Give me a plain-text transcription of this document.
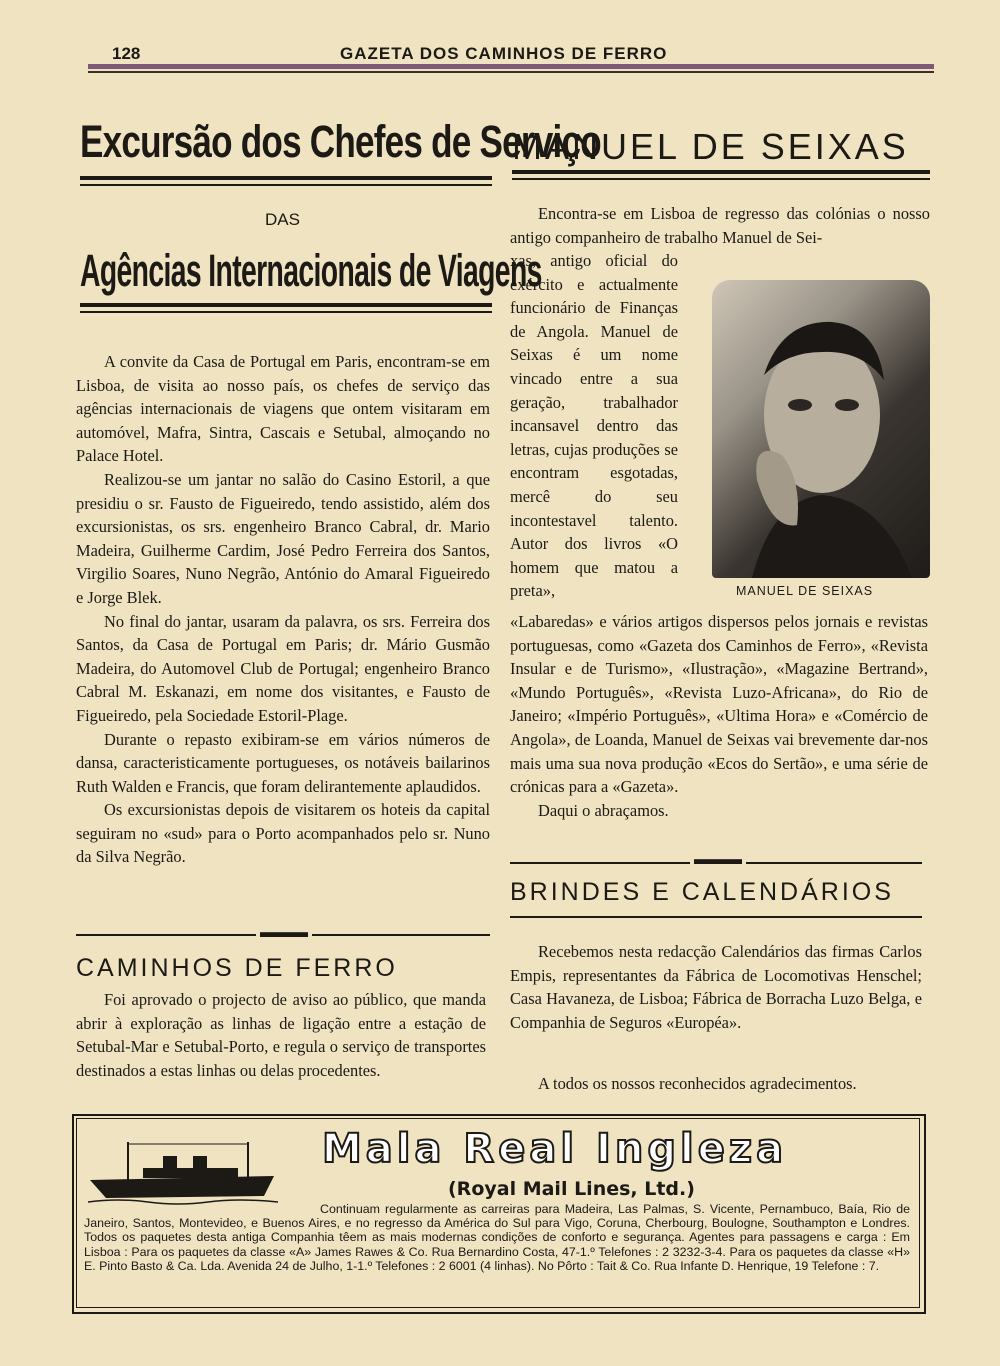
128	GAZETA DOS CAMINHOS DE FERRO
Excursão dos Chefes de Serviço
DAS
Agências Internacionais de Viagens

A convite da Casa de Portugal em Paris, encontram-se em Lisboa, de visita ao nosso país, os chefes de serviço das agências internacionais de viagens que ontem visitaram em automóvel, Mafra, Sintra, Cascais e Setubal, almoçando no Palace Hotel.

Realizou-se um jantar no salão do Casino Estoril, a que presidiu o sr. Fausto de Figueiredo, tendo assistido, além dos excursionistas, os srs. engenheiro Branco Cabral, dr. Mario Madeira, Guilherme Cardim, José Pedro Ferreira dos Santos, Virgilio Soares, Nuno Negrão, António do Amaral Figueiredo e Jorge Blek.

No final do jantar, usaram da palavra, os srs. Ferreira dos Santos, da Casa de Portugal em Paris; dr. Mário Gusmão Madeira, do Automovel Club de Portugal; engenheiro Branco Cabral M. Eskanazi, em nome dos visitantes, e Fausto de Figueiredo, pela Sociedade Estoril-Plage.

Durante o repasto exibiram-se em vários números de dansa, caracteristicamente portugueses, os notáveis bailarinos Ruth Walden e Francis, que foram delirantemente aplaudidos.

Os excursionistas depois de visitarem os hoteis da capital seguiram no «sud» para o Porto acompanhados pelo sr. Nuno da Silva Negrão.

▬▬▬
CAMINHOS DE FERRO

Foi aprovado o projecto de aviso ao público, que manda abrir à exploração as linhas de ligação entre a estação de Setubal-Mar e Setubal-Porto, e regula o serviço de transportes destinados a estas linhas ou delas procedentes.

MANUEL DE SEIXAS

Encontra-se em Lisboa de regresso das colónias o nosso antigo companheiro de trabalho Manuel de Sei-

xas, antigo oficial do exército e actualmente funcionário de Finanças de Angola. Manuel de Seixas é um nome vincado entre a sua geração, trabalhador incansavel dentro das letras, cujas produções se encontram esgotadas, mercê do seu incontestavel talento. Autor dos livros «O homem que matou a preta»,	MANUEL DE SEIXAS

«Labaredas» e vários artigos dispersos pelos jornais e revistas portuguesas, como «Gazeta dos Caminhos de Ferro», «Revista Insular e de Turismo», «Ilustração», «Magazine Bertrand», «Mundo Português», «Revista Luzo-Africana», do Rio de Janeiro; «Império Português», «Ultima Hora» e «Comércio de Angola», de Loanda, Manuel de Seixas vai brevemente dar-nos mais uma sua nova produção «Ecos do Sertão», e uma série de crónicas para a «Gazeta».

Daqui o abraçamos.

▬▬▬
BRINDES E CALENDÁRIOS

Recebemos nesta redacção Calendários das firmas Carlos Empis, representantes da Fábrica de Locomotivas Henschel; Casa Havaneza, de Lisboa; Fábrica de Borracha Luzo Belga, e Companhia de Seguros «Européa».

A todos os nossos reconhecidos agradecimentos.

Mala Real Ingleza
(Royal Mail Lines, Ltd.)
Continuam regularmente as carreiras para Madeira, Las Palmas, S. Vicente, Pernambuco, Baía, Rio de Janeiro, Santos, Montevideo, e Buenos Aires, e no regresso da América do Sul para Vigo, Coruna, Cherbourg, Boulogne, Southampton e Londres. Todos os paquetes desta antiga Companhia têem as mais modernas condições de conforto e segurança. Agentes para passagens e carga : Em Lisboa : Para os paquetes da classe «A» James Rawes & Co. Rua Bernardino Costa, 47-1.º Telefones : 2 3232-3-4. Para os paquetes da classe «H» E. Pinto Basto & Ca. Lda. Avenida 24 de Julho, 1-1.º Telefones : 2 6001 (4 linhas). No Pôrto : Tait & Co. Rua Infante D. Henrique, 19 Telefone : 7.
